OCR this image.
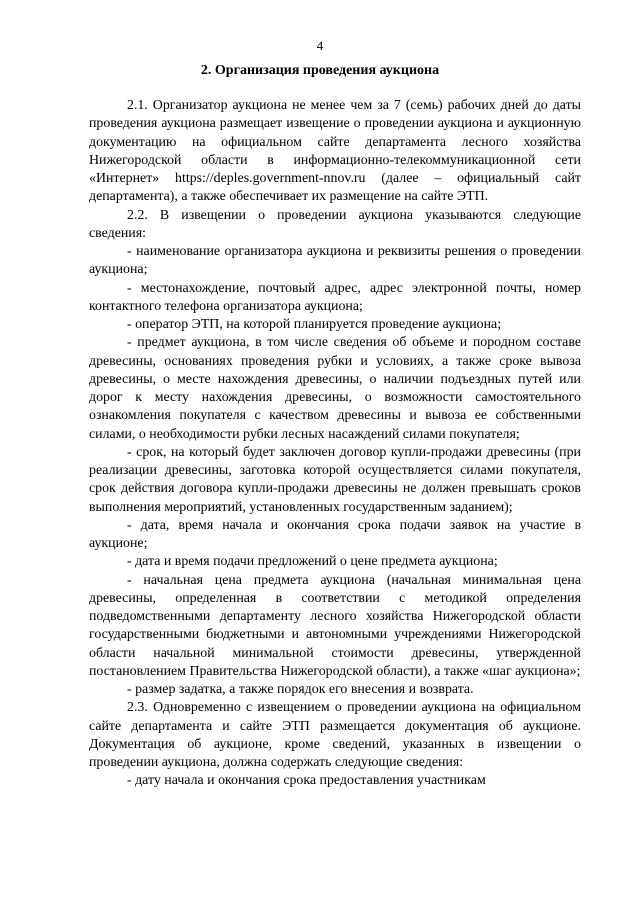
4
2. Организация проведения аукциона

2.1. Организатор аукциона не менее чем за 7 (семь) рабочих дней до даты проведения аукциона размещает извещение о проведении аукциона и аукционную документацию на официальном сайте департамента лесного хозяйства Нижегородской области в информационно-телекоммуникационной сети «Интернет» https://deples.government-nnov.ru (далее – официальный сайт департамента), а также обеспечивает их размещение на сайте ЭТП.

2.2. В извещении о проведении аукциона указываются следующие сведения:

- наименование организатора аукциона и реквизиты решения о проведении аукциона;

- местонахождение, почтовый адрес, адрес электронной почты, номер контактного телефона организатора аукциона;

- оператор ЭТП, на которой планируется проведение аукциона;

- предмет аукциона, в том числе сведения об объеме и породном составе древесины, основаниях проведения рубки и условиях, а также сроке вывоза древесины, о месте нахождения древесины, о наличии подъездных путей или дорог к месту нахождения древесины, о возможности самостоятельного ознакомления покупателя с качеством древесины и вывоза ее собственными силами, о необходимости рубки лесных насаждений силами покупателя;

- срок, на который будет заключен договор купли-продажи древесины (при реализации древесины, заготовка которой осуществляется силами покупателя, срок действия договора купли-продажи древесины не должен превышать сроков выполнения мероприятий, установленных государственным заданием);

- дата, время начала и окончания срока подачи заявок на участие в аукционе;

- дата и время подачи предложений о цене предмета аукциона;

- начальная цена предмета аукциона (начальная минимальная цена древесины, определенная в соответствии с методикой определения подведомственными департаменту лесного хозяйства Нижегородской области государственными бюджетными и автономными учреждениями Нижегородской области начальной минимальной стоимости древесины, утвержденной постановлением Правительства Нижегородской области), а также «шаг аукциона»;

- размер задатка, а также порядок его внесения и возврата.

2.3. Одновременно с извещением о проведении аукциона на официальном сайте департамента и сайте ЭТП размещается документация об аукционе. Документация об аукционе, кроме сведений, указанных в извещении о проведении аукциона, должна содержать следующие сведения:

- дату начала и окончания срока предоставления участникам
